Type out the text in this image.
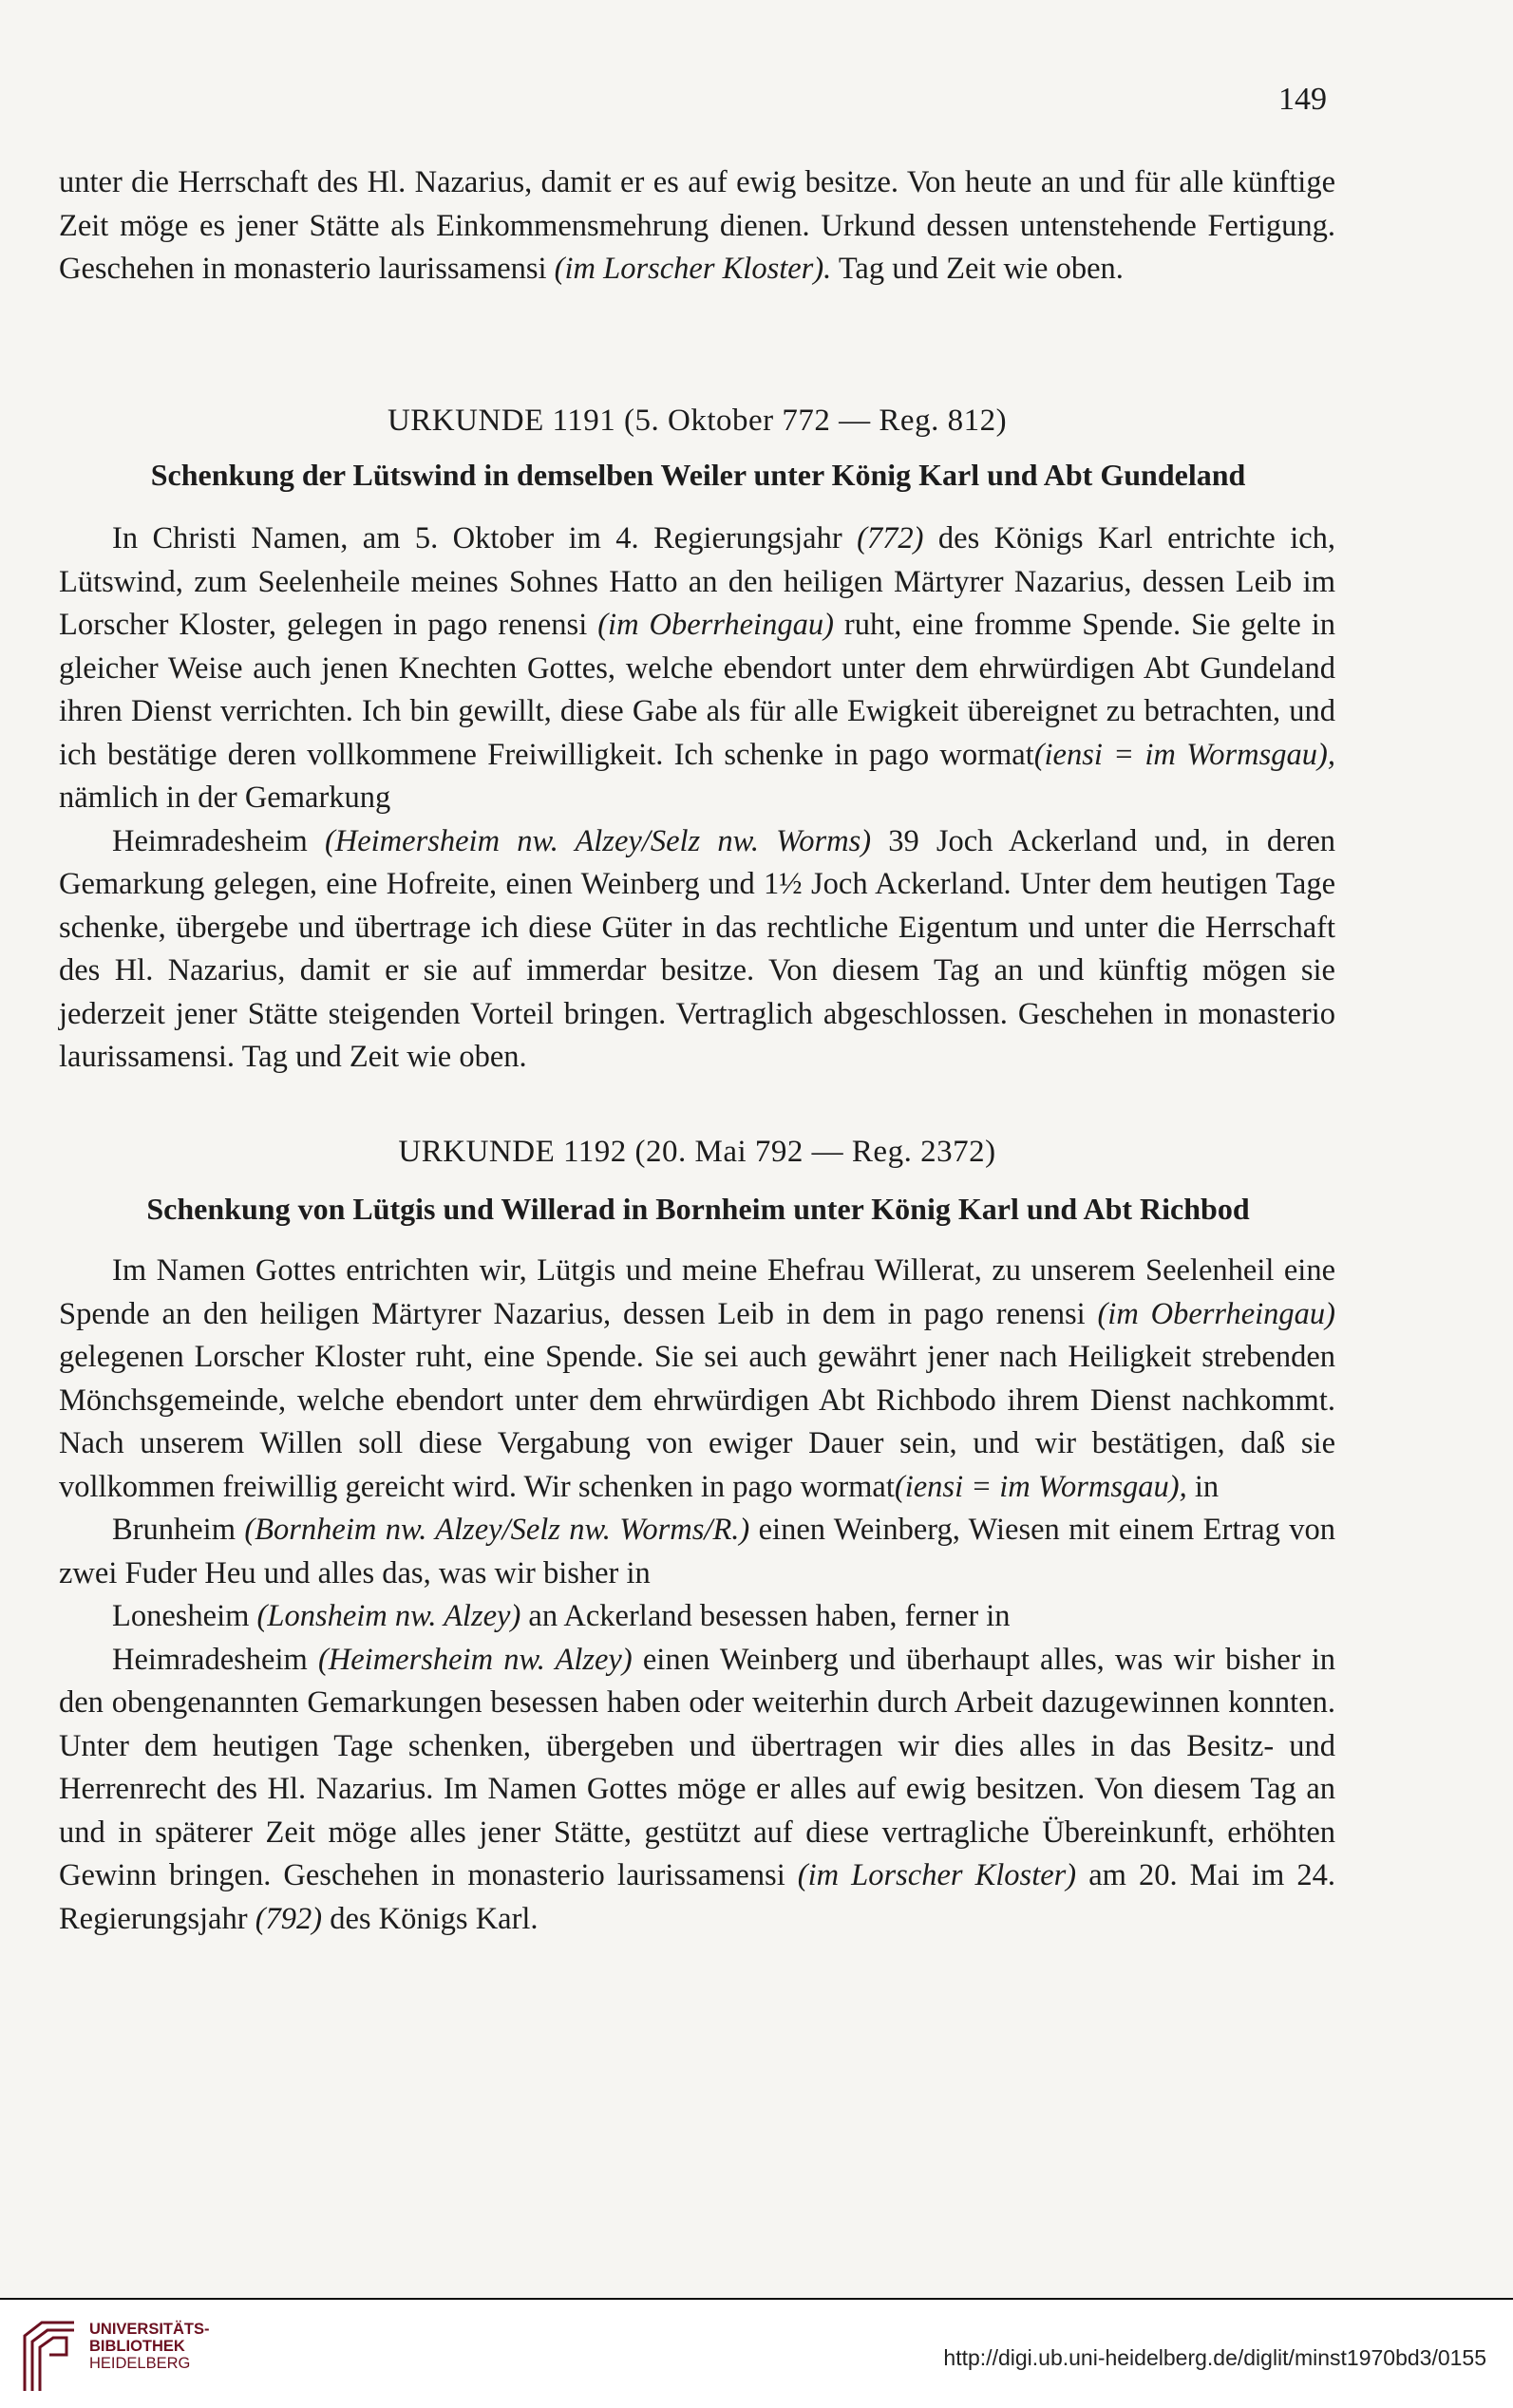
149

unter die Herrschaft des Hl. Nazarius, damit er es auf ewig besitze. Von heute an und für alle künftige Zeit möge es jener Stätte als Einkommensmehrung dienen. Urkund dessen untenstehende Fertigung. Geschehen in monasterio laurissamensi (im Lorscher Kloster). Tag und Zeit wie oben.

URKUNDE 1191 (5. Oktober 772 — Reg. 812)
Schenkung der Lütswind in demselben Weiler unter König Karl und Abt Gundeland

In Christi Namen, am 5. Oktober im 4. Regierungsjahr (772) des Königs Karl entrichte ich, Lütswind, zum Seelenheile meines Sohnes Hatto an den heiligen Märtyrer Nazarius, dessen Leib im Lorscher Kloster, gelegen in pago renensi (im Oberrheingau) ruht, eine fromme Spende. Sie gelte in gleicher Weise auch jenen Knechten Gottes, welche ebendort unter dem ehrwürdigen Abt Gundeland ihren Dienst verrichten. Ich bin gewillt, diese Gabe als für alle Ewigkeit übereignet zu betrachten, und ich bestätige deren vollkommene Freiwilligkeit. Ich schenke in pago wormat(iensi = im Wormsgau), nämlich in der Gemarkung

Heimradesheim (Heimersheim nw. Alzey/Selz nw. Worms) 39 Joch Ackerland und, in deren Gemarkung gelegen, eine Hofreite, einen Weinberg und 1½ Joch Ackerland. Unter dem heutigen Tage schenke, übergebe und übertrage ich diese Güter in das rechtliche Eigentum und unter die Herrschaft des Hl. Nazarius, damit er sie auf immerdar besitze. Von diesem Tag an und künftig mögen sie jederzeit jener Stätte steigenden Vorteil bringen. Vertraglich abgeschlossen. Geschehen in monasterio laurissamensi. Tag und Zeit wie oben.

URKUNDE 1192 (20. Mai 792 — Reg. 2372)
Schenkung von Lütgis und Willerad in Bornheim unter König Karl und Abt Richbod

Im Namen Gottes entrichten wir, Lütgis und meine Ehefrau Willerat, zu unserem Seelenheil eine Spende an den heiligen Märtyrer Nazarius, dessen Leib in dem in pago renensi (im Oberrheingau) gelegenen Lorscher Kloster ruht, eine Spende. Sie sei auch gewährt jener nach Heiligkeit strebenden Mönchsgemeinde, welche ebendort unter dem ehrwürdigen Abt Richbodo ihrem Dienst nachkommt. Nach unserem Willen soll diese Vergabung von ewiger Dauer sein, und wir bestätigen, daß sie vollkommen freiwillig gereicht wird. Wir schenken in pago wormat(iensi = im Wormsgau), in

Brunheim (Bornheim nw. Alzey/Selz nw. Worms/R.) einen Weinberg, Wiesen mit einem Ertrag von zwei Fuder Heu und alles das, was wir bisher in

Lonesheim (Lonsheim nw. Alzey) an Ackerland besessen haben, ferner in

Heimradesheim (Heimersheim nw. Alzey) einen Weinberg und überhaupt alles, was wir bisher in den obengenannten Gemarkungen besessen haben oder weiterhin durch Arbeit dazugewinnen konnten. Unter dem heutigen Tage schenken, übergeben und übertragen wir dies alles in das Besitz- und Herrenrecht des Hl. Nazarius. Im Namen Gottes möge er alles auf ewig besitzen. Von diesem Tag an und in späterer Zeit möge alles jener Stätte, gestützt auf diese vertragliche Übereinkunft, erhöhten Gewinn bringen. Geschehen in monasterio laurissamensi (im Lorscher Kloster) am 20. Mai im 24. Regierungsjahr (792) des Königs Karl.

UNIVERSITÄTS-
BIBLIOTHEK
HEIDELBERG	http://digi.ub.uni-heidelberg.de/diglit/minst1970bd3/0155
